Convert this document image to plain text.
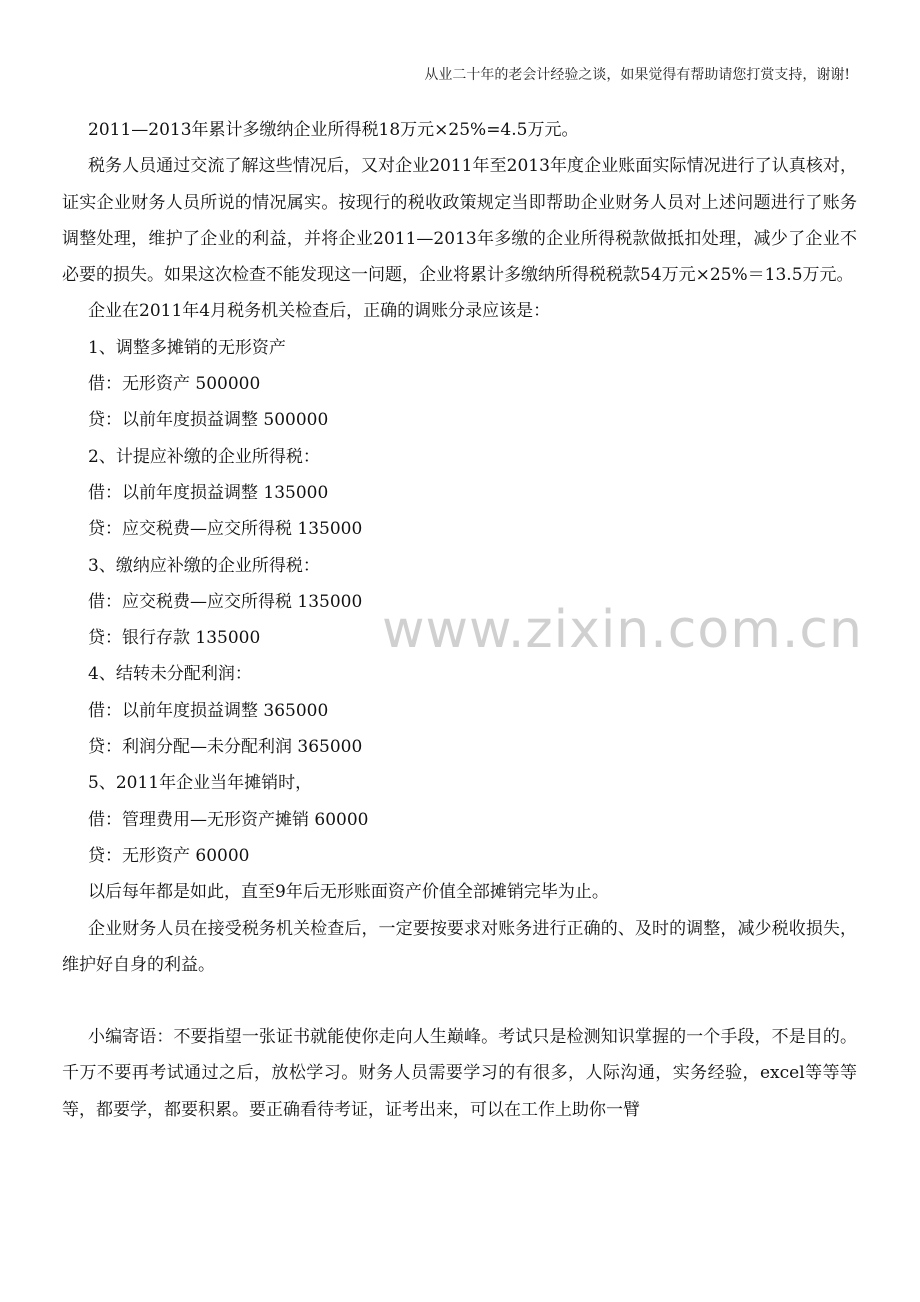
从业二十年的老会计经验之谈，如果觉得有帮助请您打赏支持，谢谢!
www.zixin.com.cn

2011—2013年累计多缴纳企业所得税18万元×25%=4.5万元。

税务人员通过交流了解这些情况后，又对企业2011年至2013年度企业账面实际情况进行了认真核对，证实企业财务人员所说的情况属实。按现行的税收政策规定当即帮助企业财务人员对上述问题进行了账务调整处理，维护了企业的利益，并将企业2011—2013年多缴的企业所得税款做抵扣处理，减少了企业不必要的损失。如果这次检查不能发现这一问题，企业将累计多缴纳所得税税款54万元×25%＝13.5万元。

企业在2011年4月税务机关检查后，正确的调账分录应该是：

1、调整多摊销的无形资产

借：无形资产 500000

贷：以前年度损益调整 500000

2、计提应补缴的企业所得税：

借：以前年度损益调整 135000

贷：应交税费—应交所得税 135000

3、缴纳应补缴的企业所得税：

借：应交税费—应交所得税 135000

贷：银行存款 135000

4、结转未分配利润：

借：以前年度损益调整 365000

贷：利润分配—未分配利润 365000

5、2011年企业当年摊销时，

借：管理费用—无形资产摊销 60000

贷：无形资产 60000

以后每年都是如此，直至9年后无形账面资产价值全部摊销完毕为止。

企业财务人员在接受税务机关检查后，一定要按要求对账务进行正确的、及时的调整，减少税收损失，维护好自身的利益。

小编寄语：不要指望一张证书就能使你走向人生巅峰。考试只是检测知识掌握的一个手段，不是目的。千万不要再考试通过之后，放松学习。财务人员需要学习的有很多，人际沟通，实务经验，excel等等等等，都要学，都要积累。要正确看待考证，证考出来，可以在工作上助你一臂
